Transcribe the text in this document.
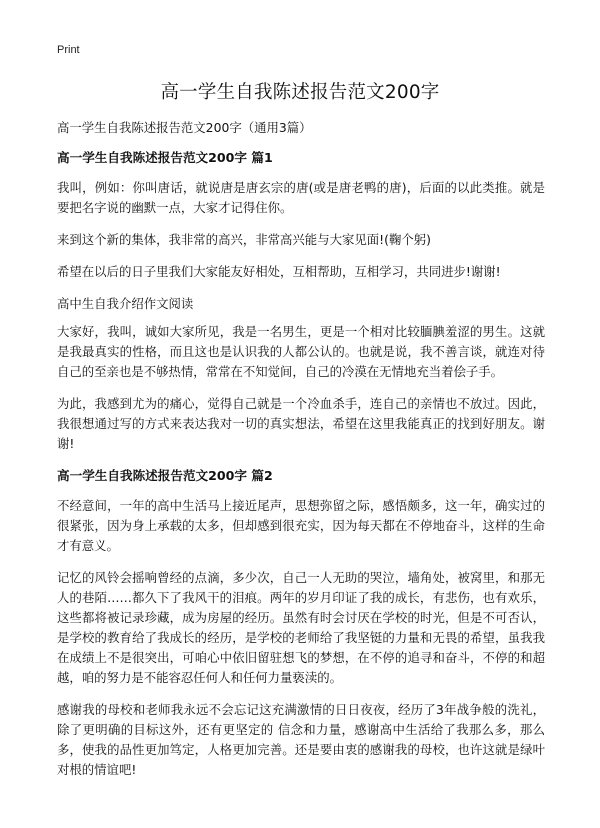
Print
高一学生自我陈述报告范文200字

高一学生自我陈述报告范文200字（通用3篇）

高一学生自我陈述报告范文200字 篇1

我叫，例如：你叫唐话，就说唐是唐玄宗的唐(或是唐老鸭的唐)，后面的以此类推。就是要把名字说的幽默一点，大家才记得住你。

来到这个新的集体，我非常的高兴，非常高兴能与大家见面!(鞠个躬)

希望在以后的日子里我们大家能友好相处，互相帮助，互相学习，共同进步!谢谢!

高中生自我介绍作文阅读

大家好，我叫，诚如大家所见，我是一名男生，更是一个相对比较腼腆羞涩的男生。这就是我最真实的性格，而且这也是认识我的人都公认的。也就是说，我不善言谈，就连对待自己的至亲也是不够热情，常常在不知觉间，自己的冷漠在无情地充当着侩子手。

为此，我感到尤为的痛心，觉得自己就是一个冷血杀手，连自己的亲情也不放过。因此，我很想通过写的方式来表达我对一切的真实想法，希望在这里我能真正的找到好朋友。谢谢!

高一学生自我陈述报告范文200字 篇2

不经意间，一年的高中生活马上接近尾声，思想弥留之际，感悟颇多，这一年，确实过的很紧张，因为身上承载的太多，但却感到很充实，因为每天都在不停地奋斗，这样的生命才有意义。

记忆的风铃会摇响曾经的点滴，多少次，自己一人无助的哭泣，墙角处，被窝里，和那无人的巷陌……都久下了我风干的泪痕。两年的岁月印证了我的成长，有悲伤，也有欢乐，这些都将被记录珍藏，成为房屋的经历。虽然有时会讨厌在学校的时光，但是不可否认，是学校的教育给了我成长的经历，是学校的老师给了我坚铤的力量和无畏的希望，虽我我在成绩上不是很突出，可咱心中依旧留驻想飞的梦想，在不停的追寻和奋斗，不停的和超越，咱的努力是不能容忍任何人和任何力量亵渎的。

感谢我的母校和老师我永远不会忘记这充满激情的日日夜夜，经历了3年战争般的洗礼，除了更明确的目标这外，还有更坚定的 信念和力量，感谢高中生活给了我那么多，那么多，使我的品性更加笃定，人格更加完善。还是要由衷的感谢我的母校，也许这就是绿叶对根的情谊吧!
